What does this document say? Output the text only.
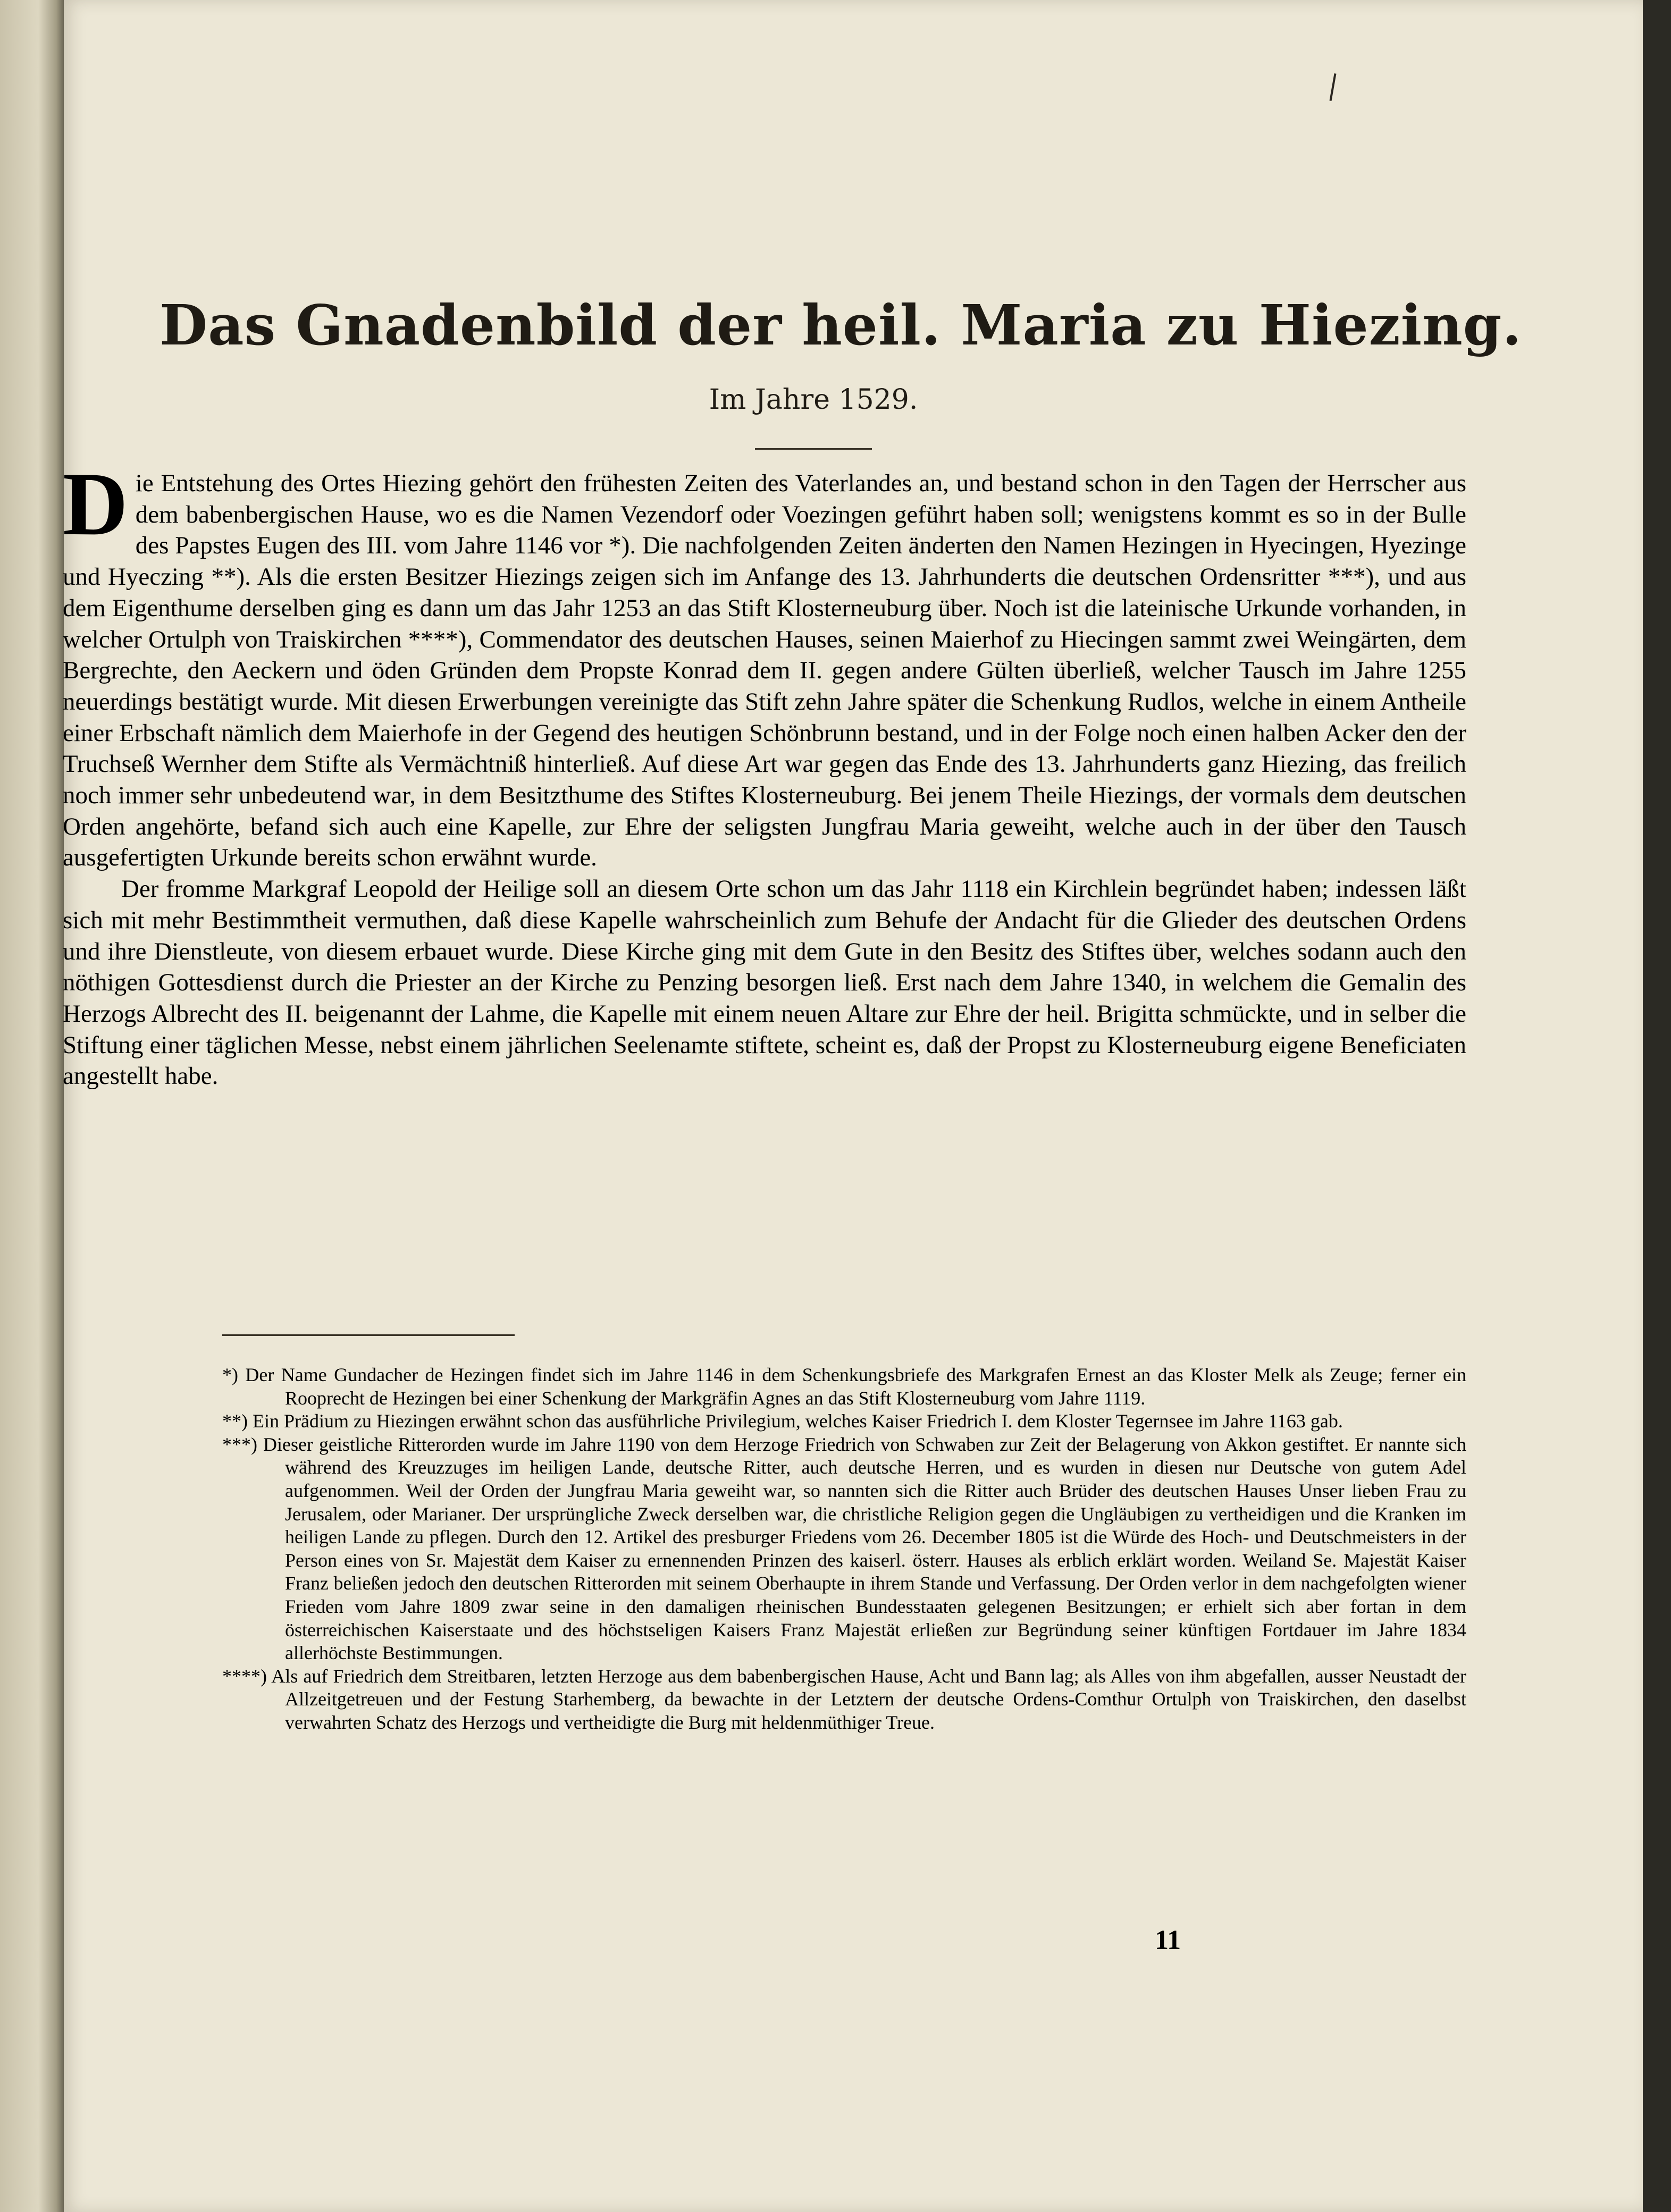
Das Gnadenbild der heil. Maria zu Hiezing.
Im Jahre 1529.

Die Entstehung des Ortes Hiezing gehört den frühesten Zeiten des Vaterlandes an, und bestand schon in den Tagen der Herrscher aus dem babenbergischen Hause, wo es die Namen Vezendorf oder Voezingen geführt haben soll; wenigstens kommt es so in der Bulle des Papstes Eugen des III. vom Jahre 1146 vor *). Die nachfolgenden Zeiten änderten den Namen Hezingen in Hyecingen, Hyezinge und Hyeczing **). Als die ersten Besitzer Hiezings zeigen sich im Anfange des 13. Jahrhunderts die deutschen Ordensritter ***), und aus dem Eigenthume derselben ging es dann um das Jahr 1253 an das Stift Klosterneuburg über. Noch ist die lateinische Urkunde vorhanden, in welcher Ortulph von Traiskirchen ****), Commendator des deutschen Hauses, seinen Maierhof zu Hiecingen sammt zwei Weingärten, dem Bergrechte, den Aeckern und öden Gründen dem Propste Konrad dem II. gegen andere Gülten überließ, welcher Tausch im Jahre 1255 neuerdings bestätigt wurde. Mit diesen Erwerbungen vereinigte das Stift zehn Jahre später die Schenkung Rudlos, welche in einem Antheile einer Erbschaft nämlich dem Maierhofe in der Gegend des heutigen Schönbrunn bestand, und in der Folge noch einen halben Acker den der Truchseß Wernher dem Stifte als Vermächtniß hinterließ. Auf diese Art war gegen das Ende des 13. Jahrhunderts ganz Hiezing, das freilich noch immer sehr unbedeutend war, in dem Besitzthume des Stiftes Klosterneuburg. Bei jenem Theile Hiezings, der vormals dem deutschen Orden angehörte, befand sich auch eine Kapelle, zur Ehre der seligsten Jungfrau Maria geweiht, welche auch in der über den Tausch ausgefertigten Urkunde bereits schon erwähnt wurde.

Der fromme Markgraf Leopold der Heilige soll an diesem Orte schon um das Jahr 1118 ein Kirchlein begründet haben; indessen läßt sich mit mehr Bestimmtheit vermuthen, daß diese Kapelle wahrscheinlich zum Behufe der Andacht für die Glieder des deutschen Ordens und ihre Dienstleute, von diesem erbauet wurde. Diese Kirche ging mit dem Gute in den Besitz des Stiftes über, welches sodann auch den nöthigen Gottesdienst durch die Priester an der Kirche zu Penzing besorgen ließ. Erst nach dem Jahre 1340, in welchem die Gemalin des Herzogs Albrecht des II. beigenannt der Lahme, die Kapelle mit einem neuen Altare zur Ehre der heil. Brigitta schmückte, und in selber die Stiftung einer täglichen Messe, nebst einem jährlichen Seelenamte stiftete, scheint es, daß der Propst zu Klosterneuburg eigene Beneficiaten angestellt habe.

*) Der Name Gundacher de Hezingen findet sich im Jahre 1146 in dem Schenkungsbriefe des Markgrafen Ernest an das Kloster Melk als Zeuge; ferner ein Rooprecht de Hezingen bei einer Schenkung der Markgräfin Agnes an das Stift Klosterneuburg vom Jahre 1119.

**) Ein Prädium zu Hiezingen erwähnt schon das ausführliche Privilegium, welches Kaiser Friedrich I. dem Kloster Tegernsee im Jahre 1163 gab.

***) Dieser geistliche Ritterorden wurde im Jahre 1190 von dem Herzoge Friedrich von Schwaben zur Zeit der Belagerung von Akkon gestiftet. Er nannte sich während des Kreuzzuges im heiligen Lande, deutsche Ritter, auch deutsche Herren, und es wurden in diesen nur Deutsche von gutem Adel aufgenommen. Weil der Orden der Jungfrau Maria geweiht war, so nannten sich die Ritter auch Brüder des deutschen Hauses Unser lieben Frau zu Jerusalem, oder Marianer. Der ursprüngliche Zweck derselben war, die christliche Religion gegen die Ungläubigen zu vertheidigen und die Kranken im heiligen Lande zu pflegen. Durch den 12. Artikel des presburger Friedens vom 26. December 1805 ist die Würde des Hoch- und Deutschmeisters in der Person eines von Sr. Majestät dem Kaiser zu ernennenden Prinzen des kaiserl. österr. Hauses als erblich erklärt worden. Weiland Se. Majestät Kaiser Franz beließen jedoch den deutschen Ritterorden mit seinem Oberhaupte in ihrem Stande und Verfassung. Der Orden verlor in dem nachgefolgten wiener Frieden vom Jahre 1809 zwar seine in den damaligen rheinischen Bundesstaaten gelegenen Besitzungen; er erhielt sich aber fortan in dem österreichischen Kaiserstaate und des höchstseligen Kaisers Franz Majestät erließen zur Begründung seiner künftigen Fortdauer im Jahre 1834 allerhöchste Bestimmungen.

****) Als auf Friedrich dem Streitbaren, letzten Herzoge aus dem babenbergischen Hause, Acht und Bann lag; als Alles von ihm abgefallen, ausser Neustadt der Allzeitgetreuen und der Festung Starhemberg, da bewachte in der Letztern der deutsche Ordens-Comthur Ortulph von Traiskirchen, den daselbst verwahrten Schatz des Herzogs und vertheidigte die Burg mit heldenmüthiger Treue.

11
